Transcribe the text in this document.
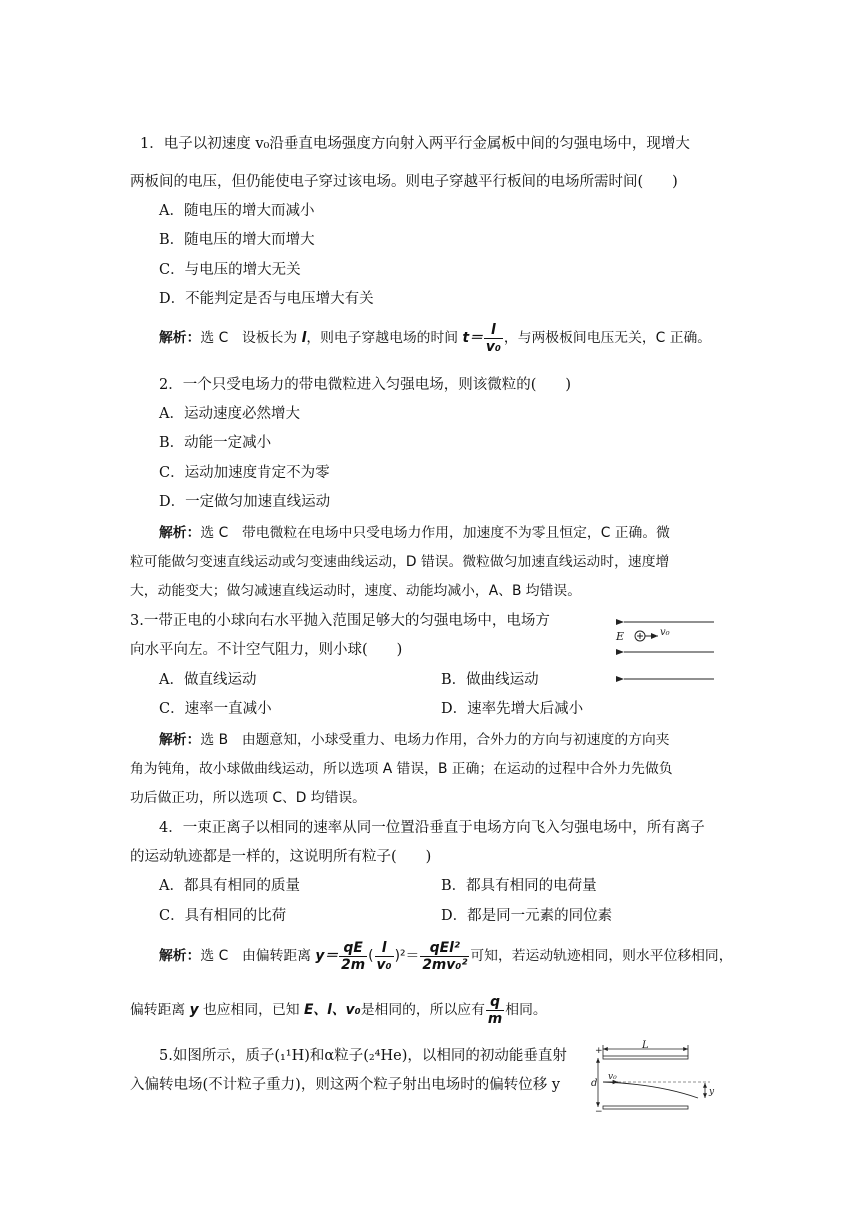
1．电子以初速度 v₀沿垂直电场强度方向射入两平行金属板中间的匀强电场中，现增大
两板间的电压，但仍能使电子穿过该电场。则电子穿越平行板间的电场所需时间(　　)
A．随电压的增大而减小
B．随电压的增大而增大
C．与电压的增大无关
D．不能判定是否与电压增大有关
解析：选 C　设板长为 l，则电子穿越电场的时间 $t= \frac{l}{\text{v₀}}$ ，与两极板间电压无关，C 正确。
2．一个只受电场力的带电微粒进入匀强电场，则该微粒的(　　)
A．运动速度必然增大
B．动能一定减小
C．运动加速度肯定不为零
D．一定做匀加速直线运动
解析：选 C　带电微粒在电场中只受电场力作用，加速度不为零且恒定，C 正确。微
粒可能做匀变速直线运动或匀变速曲线运动，D 错误。微粒做匀加速直线运动时，速度增
大，动能变大；做匀减速直线运动时，速度、动能均减小，A、B 均错误。
3.一带正电的小球向右水平抛入范围足够大的匀强电场中，电场方
向水平向左。不计空气阻力，则小球(　　)
A．做直线运动	B．做曲线运动
C．速率一直减小	D．速率先增大后减小
E	v₀
解析：选 B　由题意知，小球受重力、电场力作用，合外力的方向与初速度的方向夹
角为钝角，故小球做曲线运动，所以选项 A 错误，B 正确；在运动的过程中合外力先做负
功后做正功，所以选项 C、D 均错误。
4．一束正离子以相同的速率从同一位置沿垂直于电场方向飞入匀强电场中，所有离子
的运动轨迹都是一样的，这说明所有粒子(　　)
A．都具有相同的质量	B．都具有相同的电荷量
C．具有相同的比荷	D．都是同一元素的同位素
解析：选 C　由偏转距离 $y= \frac{qE}{2m}$ ( $\frac{l}{\text{v₀}} )^2= \frac{\text{qEl²}}{\text{2mv₀²}}$ 可知，若运动轨迹相同，则水平位移相同，
偏转距离 y 也应相同，已知 E、l、v₀是相同的，所以应有 $\frac{q}{m}$ 相同。
5.如图所示，质子(₁¹H)和α粒子(₂⁴He)，以相同的初动能垂直射
入偏转电场(不计粒子重力)，则这两个粒子射出电场时的偏转位移 y
+	L
d
v₀
y
−
